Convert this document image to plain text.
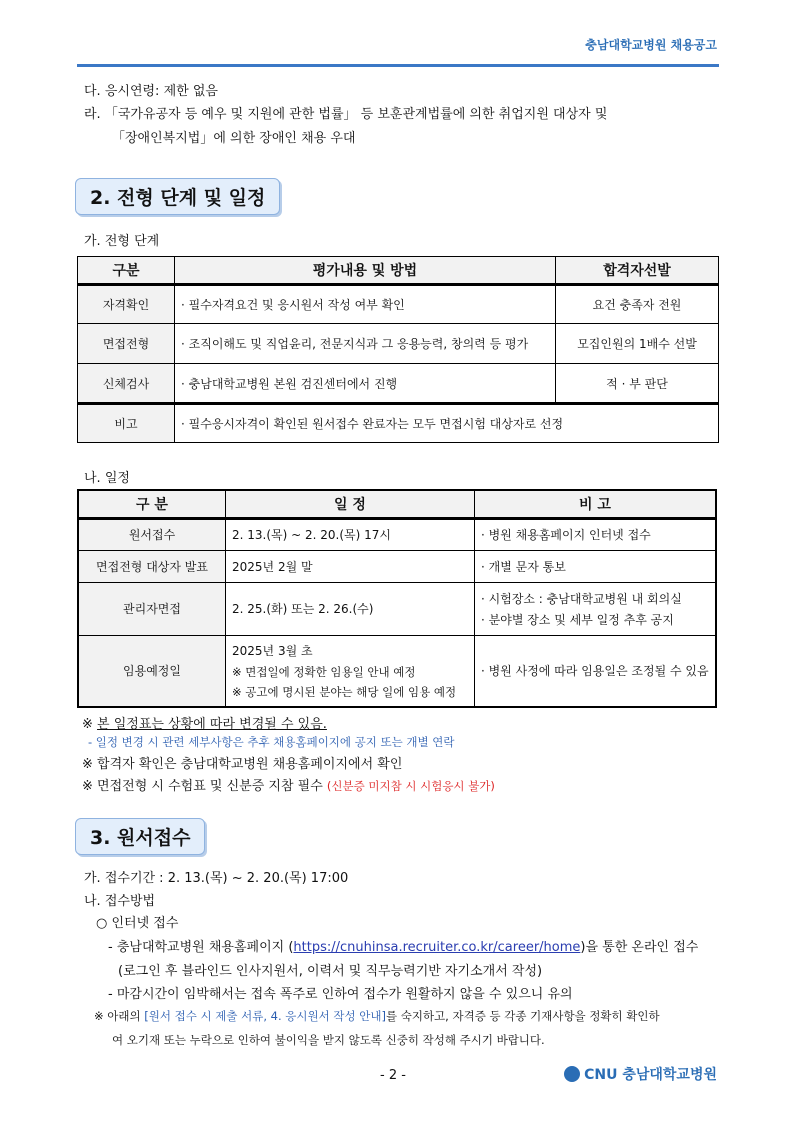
충남대학교병원 채용공고
다. 응시연령: 제한 없음
라. 「국가유공자 등 예우 및 지원에 관한 법률」 등 보훈관계법률에 의한 취업지원 대상자 및
「장애인복지법」에 의한 장애인 채용 우대
2. 전형 단계 및 일정
가. 전형 단계
구분	평가내용 및 방법	합격자선발
자격확인	· 필수자격요건 및 응시원서 작성 여부 확인	요건 충족자 전원
면접전형	· 조직이해도 및 직업윤리, 전문지식과 그 응용능력, 창의력 등 평가	모집인원의 1배수 선발
신체검사	· 충남대학교병원 본원 검진센터에서 진행	적 · 부 판단
비고	· 필수응시자격이 확인된 원서접수 완료자는 모두 면접시험 대상자로 선정	
나. 일정
구 분	일 정	비 고
원서접수	2. 13.(목) ~ 2. 20.(목) 17시	· 병원 채용홈페이지 인터넷 접수
면접전형 대상자 발표	2025년 2월 말	· 개별 문자 통보
관리자면접	2. 25.(화) 또는 2. 26.(수)	· 시험장소 : 충남대학교병원 내 회의실
· 분야별 장소 및 세부 일정 추후 공지

임용예정일	2025년 3월 초
※ 면접일에 정확한 임용일 안내 예정
※ 공고에 명시된 분야는 해당 일에 임용 예정	· 병원 사정에 따라 임용일은 조정될 수 있음
※ 본 일정표는 상황에 따라 변경될 수 있음.
- 일정 변경 시 관련 세부사항은 추후 채용홈페이지에 공지 또는 개별 연락
※ 합격자 확인은 충남대학교병원 채용홈페이지에서 확인
※ 면접전형 시 수험표 및 신분증 지참 필수 (신분증 미지참 시 시험응시 불가)
3. 원서접수
가. 접수기간 : 2. 13.(목) ~ 2. 20.(목) 17:00
나. 접수방법
○ 인터넷 접수
- 충남대학교병원 채용홈페이지 (https://cnuhinsa.recruiter.co.kr/career/home)을 통한 온라인 접수
(로그인 후 블라인드 인사지원서, 이력서 및 직무능력기반 자기소개서 작성)
- 마감시간이 임박해서는 접속 폭주로 인하여 접수가 원활하지 않을 수 있으니 유의
※ 아래의 [원서 접수 시 제출 서류, 4. 응시원서 작성 안내]를 숙지하고, 자격증 등 각종 기재사항을 정확히 확인하
여 오기재 또는 누락으로 인하여 불이익을 받지 않도록 신중히 작성해 주시기 바랍니다.
- 2 -	CNU 충남대학교병원
